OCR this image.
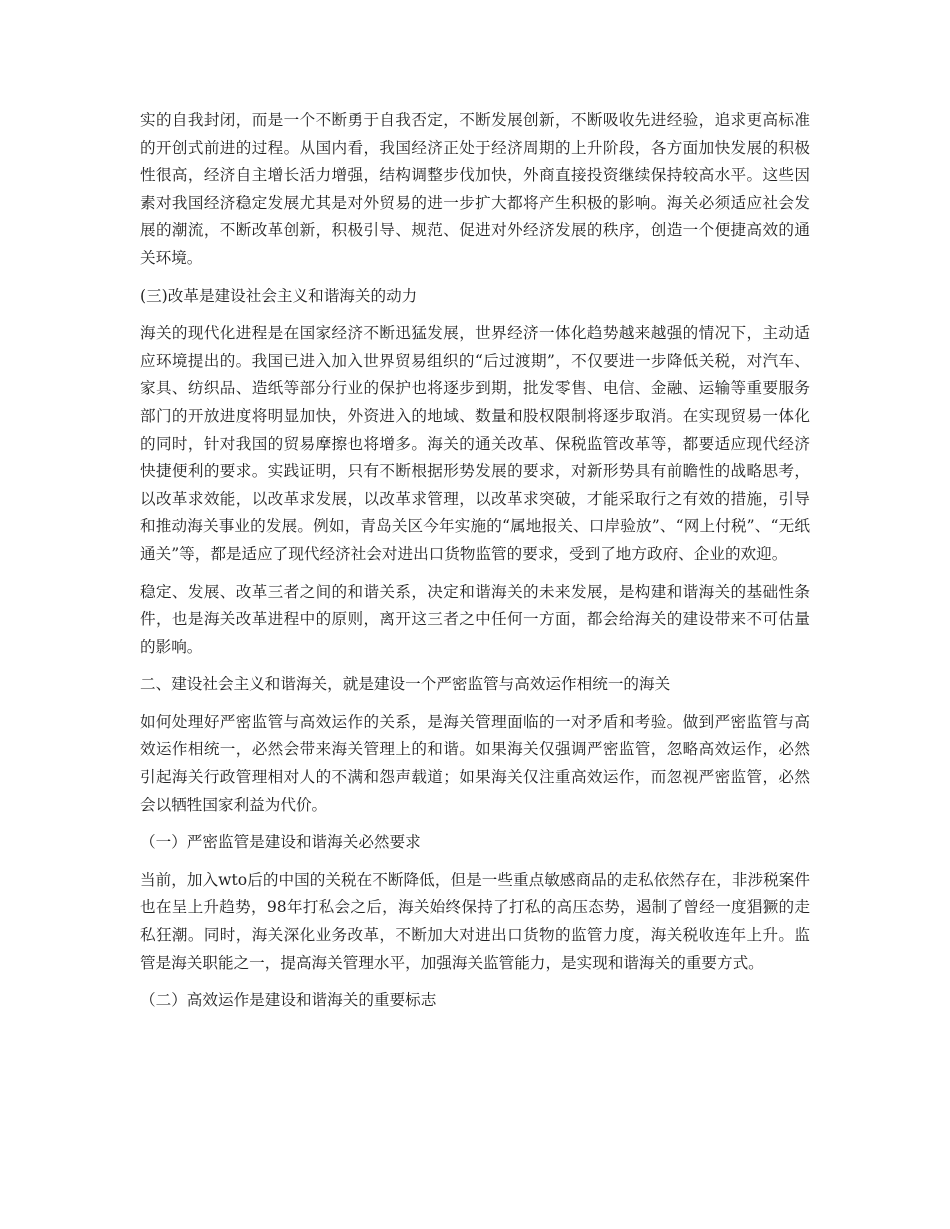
实的自我封闭，而是一个不断勇于自我否定，不断发展创新，不断吸收先进经验，追求更高标准的开创式前进的过程。从国内看，我国经济正处于经济周期的上升阶段，各方面加快发展的积极性很高，经济自主增长活力增强，结构调整步伐加快，外商直接投资继续保持较高水平。这些因素对我国经济稳定发展尤其是对外贸易的进一步扩大都将产生积极的影响。海关必须适应社会发展的潮流，不断改革创新，积极引导、规范、促进对外经济发展的秩序，创造一个便捷高效的通关环境。

(三)改革是建设社会主义和谐海关的动力

海关的现代化进程是在国家经济不断迅猛发展，世界经济一体化趋势越来越强的情况下，主动适应环境提出的。我国已进入加入世界贸易组织的“后过渡期”，不仅要进一步降低关税，对汽车、家具、纺织品、造纸等部分行业的保护也将逐步到期，批发零售、电信、金融、运输等重要服务部门的开放进度将明显加快，外资进入的地域、数量和股权限制将逐步取消。在实现贸易一体化的同时，针对我国的贸易摩擦也将增多。海关的通关改革、保税监管改革等，都要适应现代经济快捷便利的要求。实践证明，只有不断根据形势发展的要求，对新形势具有前瞻性的战略思考，以改革求效能，以改革求发展，以改革求管理，以改革求突破，才能采取行之有效的措施，引导和推动海关事业的发展。例如，青岛关区今年实施的“属地报关、口岸验放”、“网上付税”、“无纸通关”等，都是适应了现代经济社会对进出口货物监管的要求，受到了地方政府、企业的欢迎。

稳定、发展、改革三者之间的和谐关系，决定和谐海关的未来发展，是构建和谐海关的基础性条件，也是海关改革进程中的原则，离开这三者之中任何一方面，都会给海关的建设带来不可估量的影响。

二、建设社会主义和谐海关，就是建设一个严密监管与高效运作相统一的海关

如何处理好严密监管与高效运作的关系，是海关管理面临的一对矛盾和考验。做到严密监管与高效运作相统一，必然会带来海关管理上的和谐。如果海关仅强调严密监管，忽略高效运作，必然引起海关行政管理相对人的不满和怨声载道；如果海关仅注重高效运作，而忽视严密监管，必然会以牺牲国家利益为代价。

（一）严密监管是建设和谐海关必然要求

当前，加入wto后的中国的关税在不断降低，但是一些重点敏感商品的走私依然存在，非涉税案件也在呈上升趋势，98年打私会之后，海关始终保持了打私的高压态势，遏制了曾经一度猖獗的走私狂潮。同时，海关深化业务改革，不断加大对进出口货物的监管力度，海关税收连年上升。监管是海关职能之一，提高海关管理水平，加强海关监管能力，是实现和谐海关的重要方式。

（二）高效运作是建设和谐海关的重要标志
